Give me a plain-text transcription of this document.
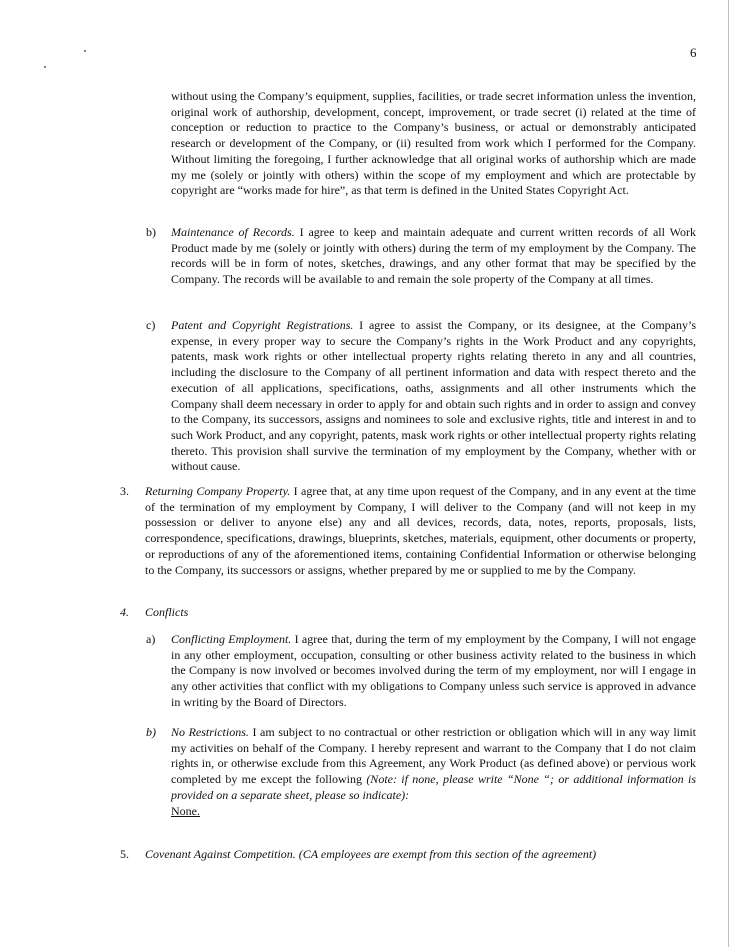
6
without using the Company’s equipment, supplies, facilities, or trade secret information unless the invention, original work of authorship, development, concept, improvement, or trade secret (i) related at the time of conception or reduction to practice to the Company’s business, or actual or demonstrably anticipated research or development of the Company, or (ii) resulted from work which I performed for the Company. Without limiting the foregoing, I further acknowledge that all original works of authorship which are made my me (solely or jointly with others) within the scope of my employment and which are protectable by copyright are “works made for hire”, as that term is defined in the United States Copyright Act.
b) Maintenance of Records. I agree to keep and maintain adequate and current written records of all Work Product made by me (solely or jointly with others) during the term of my employment by the Company. The records will be in form of notes, sketches, drawings, and any other format that may be specified by the Company. The records will be available to and remain the sole property of the Company at all times.
c) Patent and Copyright Registrations. I agree to assist the Company, or its designee, at the Company’s expense, in every proper way to secure the Company’s rights in the Work Product and any copyrights, patents, mask work rights or other intellectual property rights relating thereto in any and all countries, including the disclosure to the Company of all pertinent information and data with respect thereto and the execution of all applications, specifications, oaths, assignments and all other instruments which the Company shall deem necessary in order to apply for and obtain such rights and in order to assign and convey to the Company, its successors, assigns and nominees to sole and exclusive rights, title and interest in and to such Work Product, and any copyright, patents, mask work rights or other intellectual property rights relating thereto. This provision shall survive the termination of my employment by the Company, whether with or without cause.
3. Returning Company Property. I agree that, at any time upon request of the Company, and in any event at the time of the termination of my employment by Company, I will deliver to the Company (and will not keep in my possession or deliver to anyone else) any and all devices, records, data, notes, reports, proposals, lists, correspondence, specifications, drawings, blueprints, sketches, materials, equipment, other documents or property, or reproductions of any of the aforementioned items, containing Confidential Information or otherwise belonging to the Company, its successors or assigns, whether prepared by me or supplied to me by the Company.
4. Conflicts
a) Conflicting Employment. I agree that, during the term of my employment by the Company, I will not engage in any other employment, occupation, consulting or other business activity related to the business in which the Company is now involved or becomes involved during the term of my employment, nor will I engage in any other activities that conflict with my obligations to Company unless such service is approved in advance in writing by the Board of Directors.
b) No Restrictions. I am subject to no contractual or other restriction or obligation which will in any way limit my activities on behalf of the Company. I hereby represent and warrant to the Company that I do not claim rights in, or otherwise exclude from this Agreement, any Work Product (as defined above) or pervious work completed by me except the following (Note: if none, please write “None “; or additional information is provided on a separate sheet, please so indicate):
None.
5. Covenant Against Competition. (CA employees are exempt from this section of the agreement)
